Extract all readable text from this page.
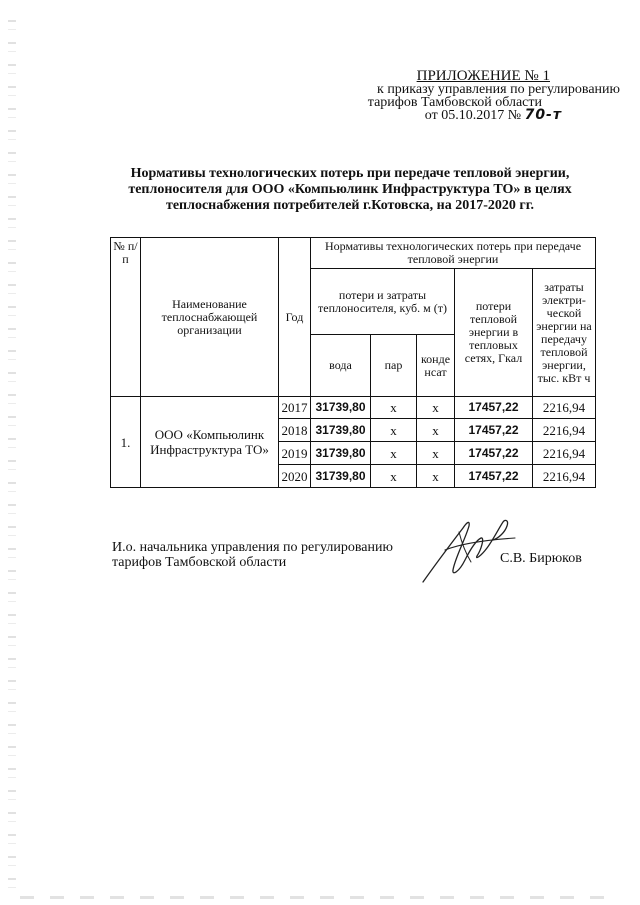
ПРИЛОЖЕНИЕ № 1
к приказу управления по регулированию
тарифов Тамбовской области
от 05.10.2017 № 70-т
Нормативы технологических потерь при передаче тепловой энергии,
теплоносителя для ООО «Компьюлинк Инфраструктура ТО» в целях
теплоснабжения потребителей г.Котовска, на 2017-2020 гг.
№ п/п	Наименование теплоснабжающей организации	Год	Нормативы технологических потерь при передаче тепловой энергии				
			потери и затраты теплоносителя, куб. м (т)			потери тепловой энергии в тепловых сетях, Гкал	затраты электри- ческой энергии на передачу тепловой энергии, тыс. кВт ч
			вода	пар	конде нсат		
1.	ООО «Компьюлинк Инфраструктура ТО»	2017	31739,80	x	x	17457,22	2216,94
		2018	31739,80	x	x	17457,22	2216,94
		2019	31739,80	x	x	17457,22	2216,94
		2020	31739,80	x	x	17457,22	2216,94
И.о. начальника управления по регулированию
тарифов Тамбовской области	С.В. Бирюков
